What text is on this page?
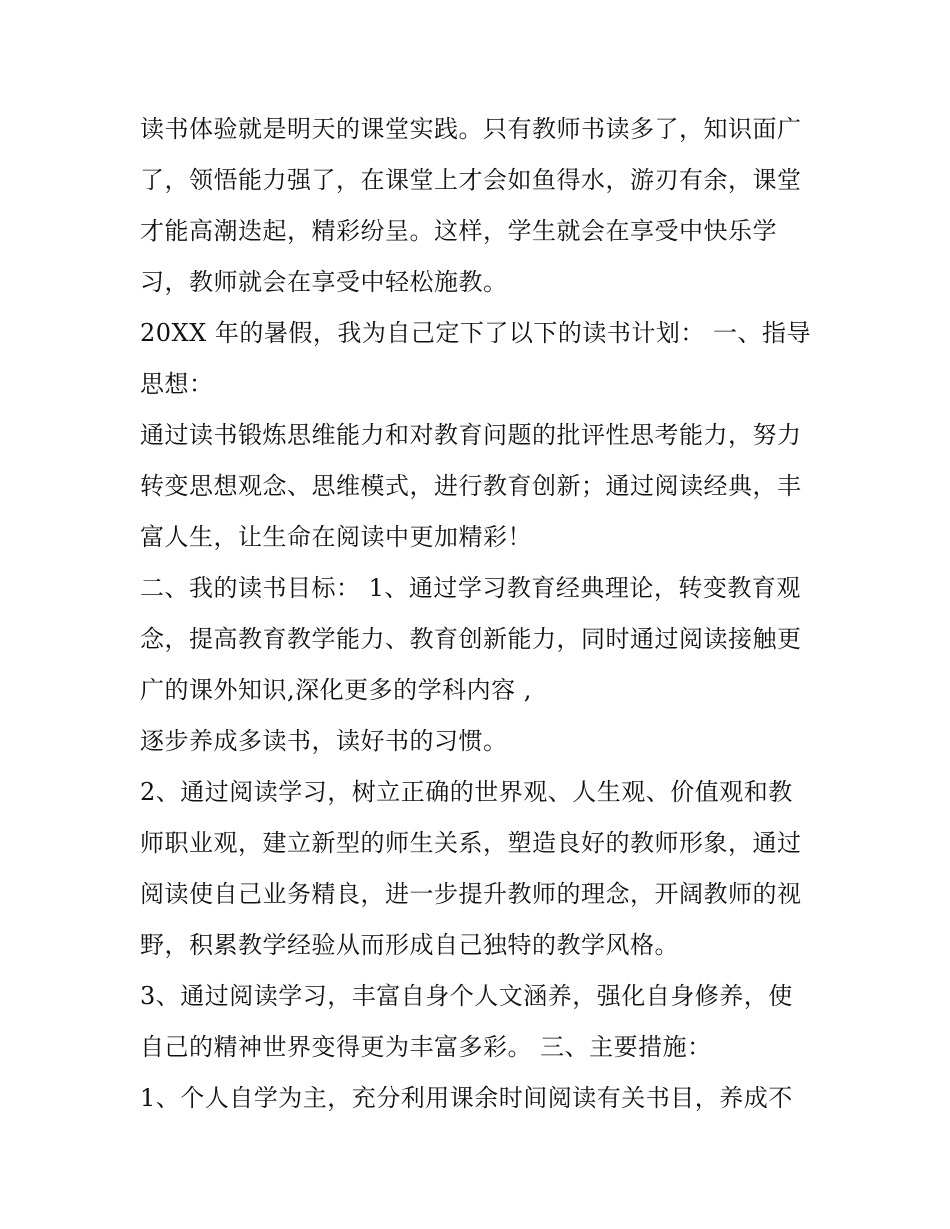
读书体验就是明天的课堂实践。只有教师书读多了，知识面广
了，领悟能力强了，在课堂上才会如鱼得水，游刃有余，课堂
才能高潮迭起，精彩纷呈。这样，学生就会在享受中快乐学
习，教师就会在享受中轻松施教。
20XX 年的暑假，我为自己定下了以下的读书计划： 一、指导
思想：
通过读书锻炼思维能力和对教育问题的批评性思考能力，努力
转变思想观念、思维模式，进行教育创新；通过阅读经典，丰
富人生，让生命在阅读中更加精彩！
二、我的读书目标： 1、通过学习教育经典理论，转变教育观
念，提高教育教学能力、教育创新能力，同时通过阅读接触更
广的课外知识,深化更多的学科内容 ,
逐步养成多读书，读好书的习惯。
2、通过阅读学习，树立正确的世界观、人生观、价值观和教
师职业观，建立新型的师生关系，塑造良好的教师形象，通过
阅读使自己业务精良，进一步提升教师的理念，开阔教师的视
野，积累教学经验从而形成自己独特的教学风格。
3、通过阅读学习，丰富自身个人文涵养，强化自身修养，使
自己的精神世界变得更为丰富多彩。 三、主要措施：
1、个人自学为主，充分利用课余时间阅读有关书目，养成不
